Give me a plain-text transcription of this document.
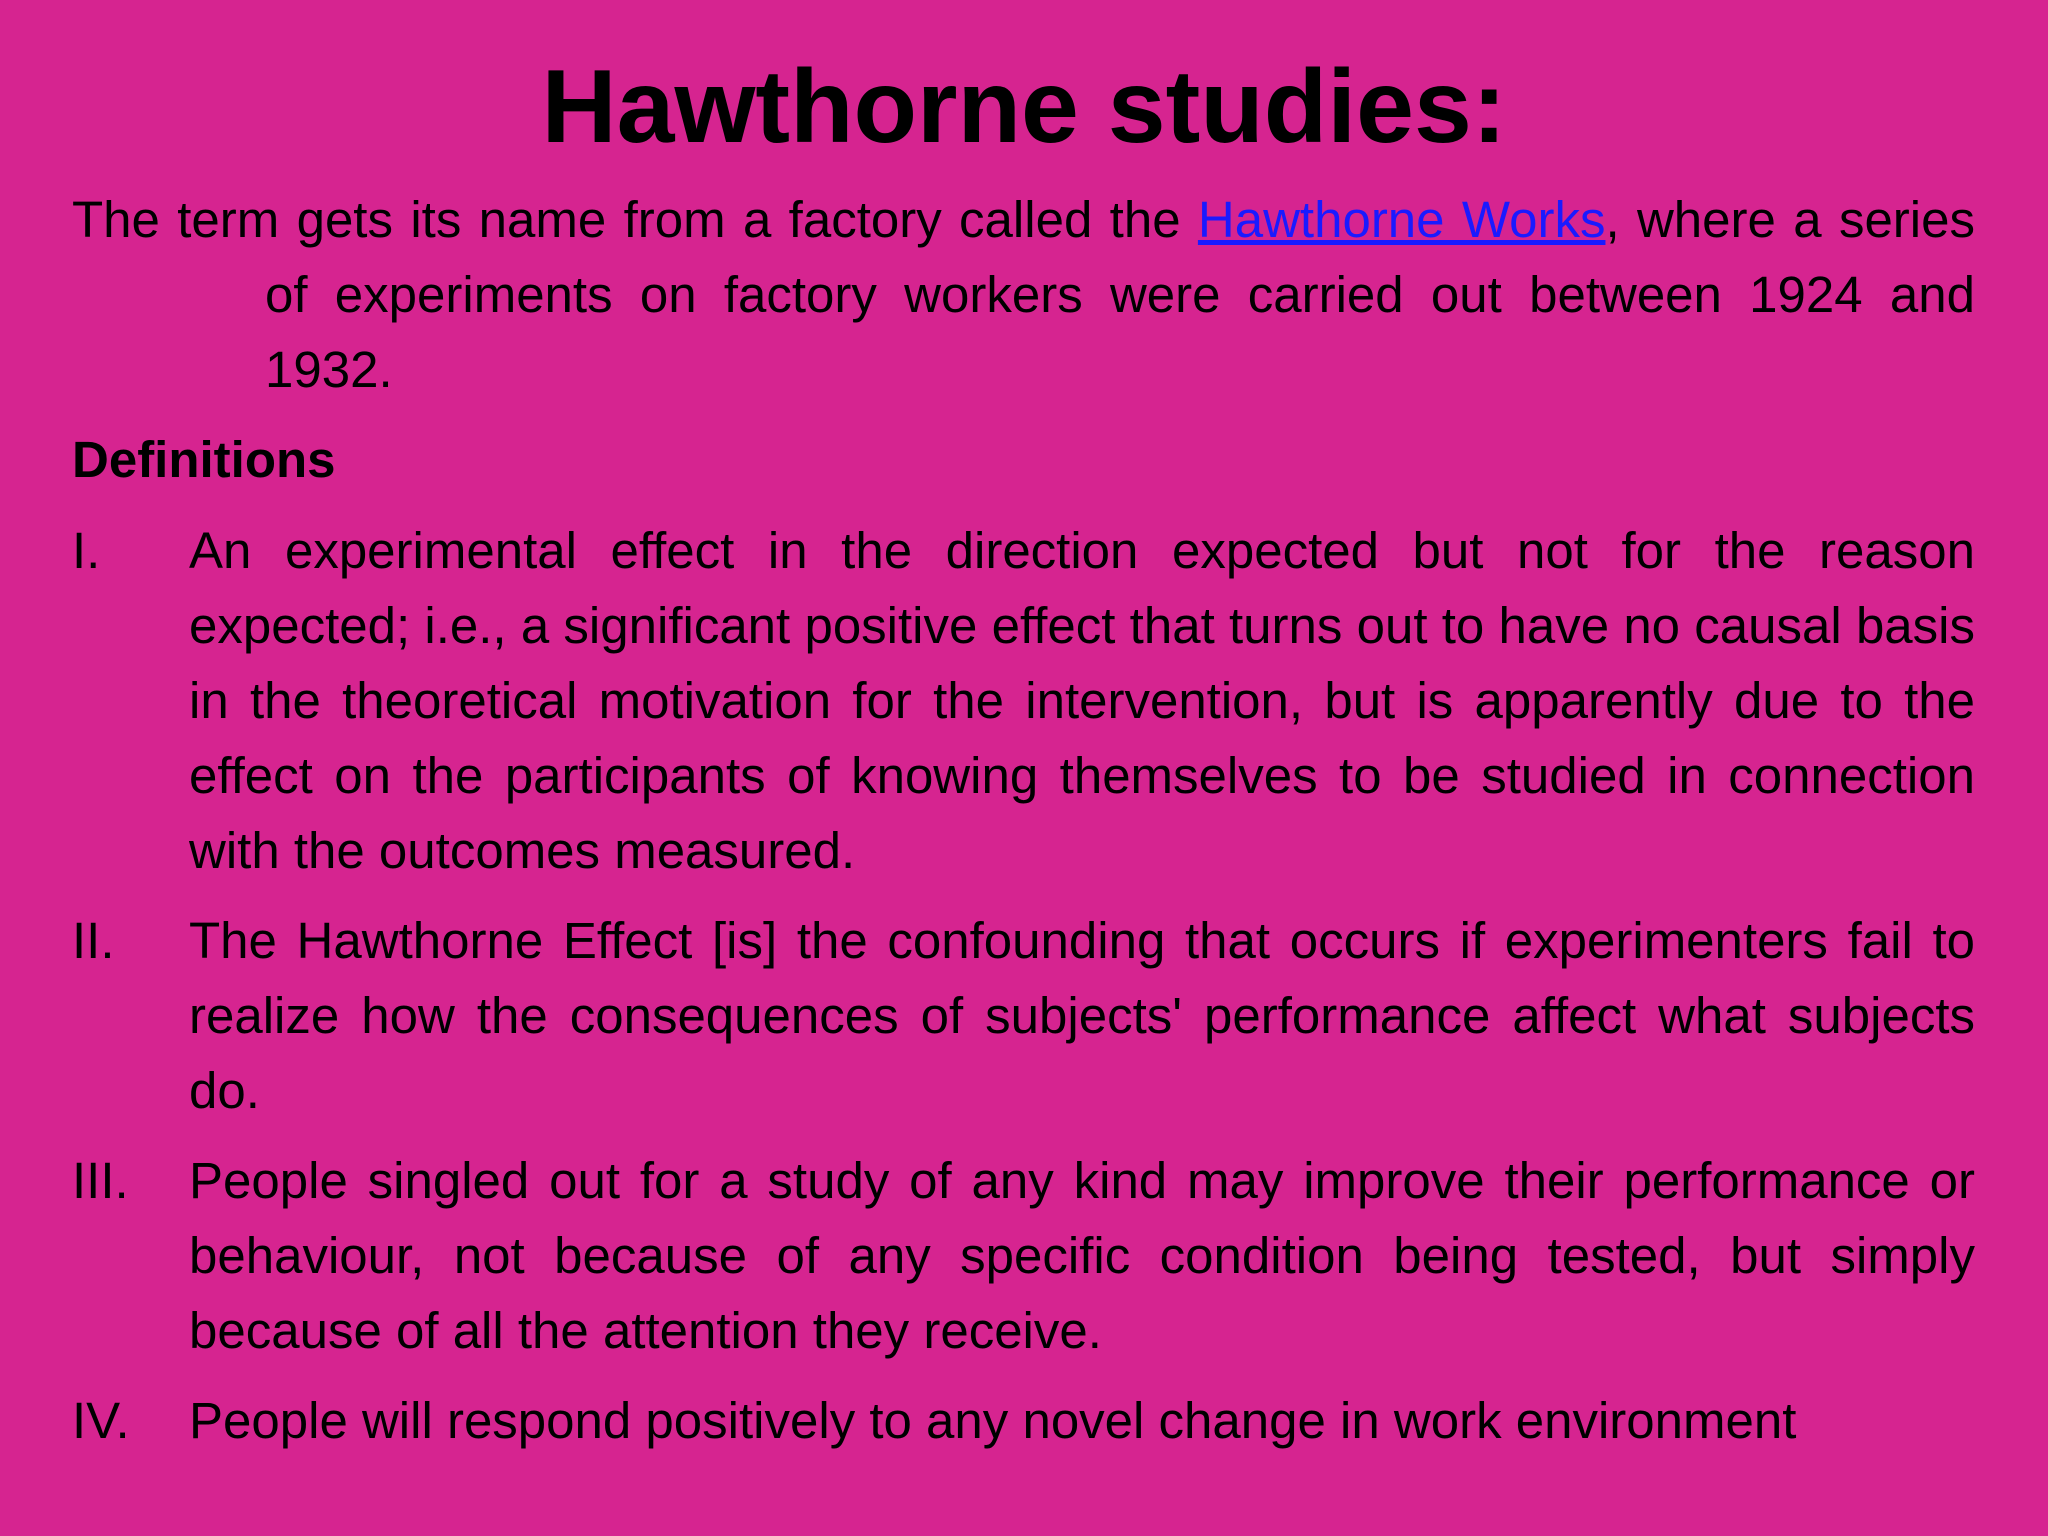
Hawthorne studies:

The term gets its name from a factory called the Hawthorne Works, where a series of experiments on factory workers were carried out between 1924 and 1932.

Definitions

I. An experimental effect in the direction expected but not for the reason expected; i.e., a significant positive effect that turns out to have no causal basis in the theoretical motivation for the intervention, but is apparently due to the effect on the participants of knowing themselves to be studied in connection with the outcomes measured.
II. The Hawthorne Effect [is] the confounding that occurs if experimenters fail to realize how the consequences of subjects' performance affect what subjects do.
III. People singled out for a study of any kind may improve their performance or behaviour, not because of any specific condition being tested, but simply because of all the attention they receive.
IV. People will respond positively to any novel change in work environment
